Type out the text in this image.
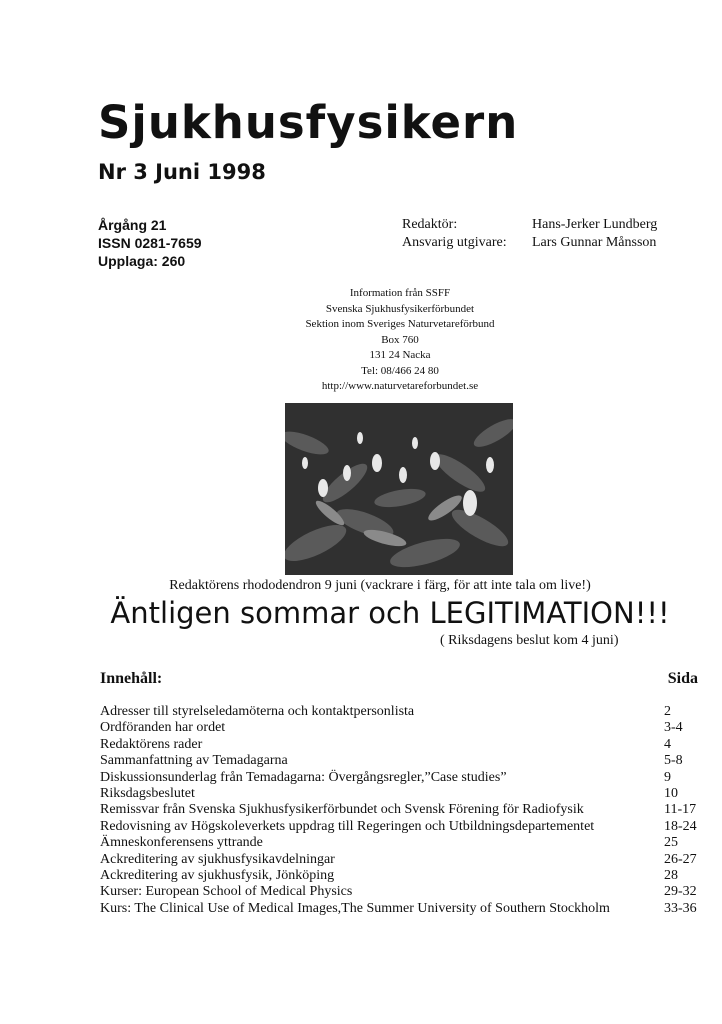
Sjukhusfysikern
Nr 3 Juni 1998
Årgång 21
ISSN 0281-7659
Upplaga: 260
Redaktör:	Hans-Jerker Lundberg
Ansvarig utgivare:	Lars Gunnar Månsson
Information från SSFF
Svenska Sjukhusfysikerförbundet
Sektion inom Sveriges Naturvetareförbund
Box 760
131 24 Nacka
Tel: 08/466 24 80
http://www.naturvetareforbundet.se
Redaktörens rhododendron 9 juni (vackrare i färg, för att inte tala om live!)
Äntligen sommar och LEGITIMATION!!!
( Riksdagens beslut kom 4 juni)
Innehåll:	Sida
Adresser till styrelseledamöterna och kontaktpersonlista	2
Ordföranden har ordet	3-4
Redaktörens rader	4
Sammanfattning av Temadagarna	5-8
Diskussionsunderlag från Temadagarna: Övergångsregler,”Case studies”	9
Riksdagsbeslutet	10
Remissvar från Svenska Sjukhusfysikerförbundet och Svensk Förening för Radiofysik	11-17
Redovisning av Högskoleverkets uppdrag till Regeringen och Utbildningsdepartementet	18-24
Ämneskonferensens yttrande	25
Ackreditering av sjukhusfysikavdelningar	26-27
Ackreditering av sjukhusfysik, Jönköping	28
Kurser: European School of Medical Physics	29-32
Kurs: The Clinical Use of Medical Images,The Summer University of Southern Stockholm	33-36
